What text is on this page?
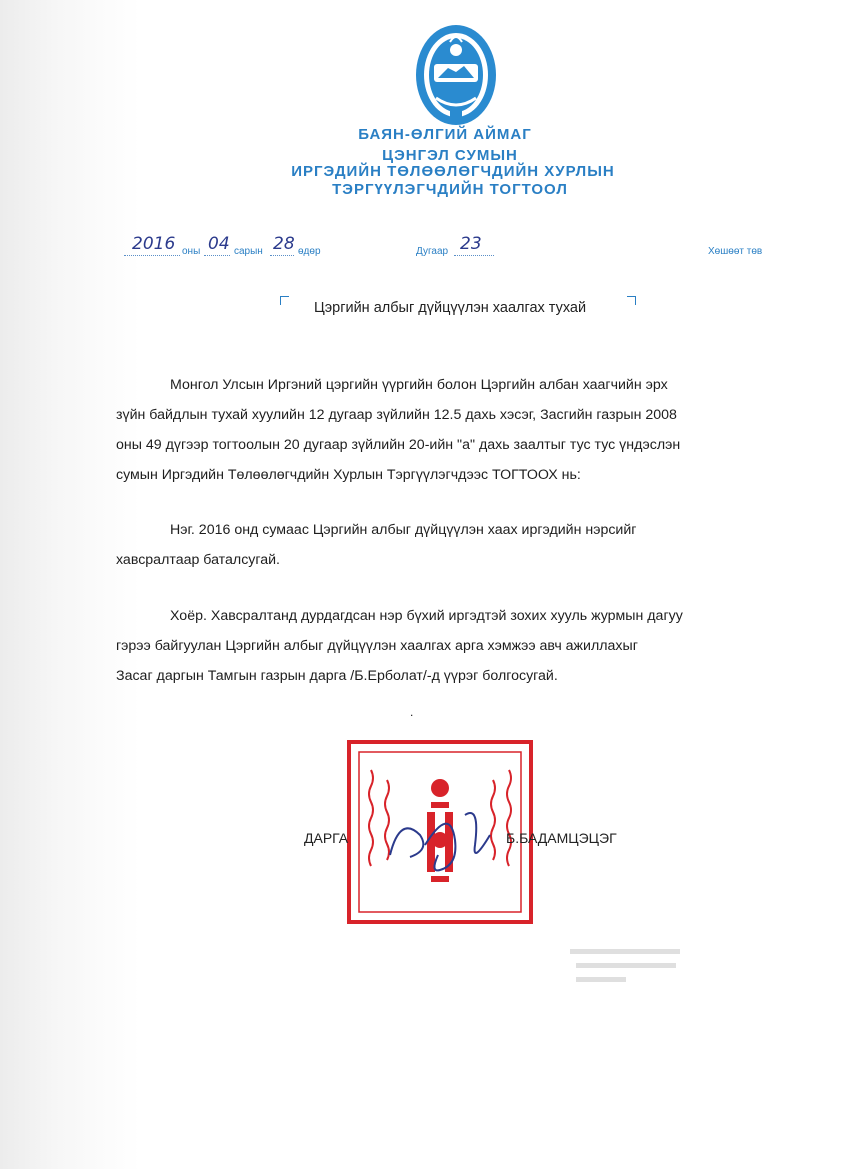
БАЯН-ӨЛГИЙ АЙМАГ
ЦЭНГЭЛ СУМЫН
ИРГЭДИЙН ТӨЛӨӨЛӨГЧДИЙН ХУРЛЫН
ТЭРГҮҮЛЭГЧДИЙН ТОГТООЛ
2016 оны 04 сарын 28 өдөр	Дугаар 23	Хөшөөт төв
Цэргийн албыг дүйцүүлэн хаалгах тухай
Монгол Улсын Иргэний цэргийн үүргийн болон Цэргийн албан хаагчийн эрх
зүйн байдлын тухай хуулийн 12 дугаар зүйлийн 12.5 дахь хэсэг, Засгийн газрын 2008
оны 49 дүгээр тогтоолын 20 дугаар зүйлийн 20-ийн "а" дахь заалтыг тус тус үндэслэн
сумын Иргэдийн Төлөөлөгчдийн Хурлын Тэргүүлэгчдээс ТОГТООХ нь:
Нэг. 2016 онд сумаас Цэргийн албыг дүйцүүлэн хаах иргэдийн нэрсийг
хавсралтаар баталсугай.
Хоёр. Хавсралтанд дурдагдсан нэр бүхий иргэдтэй зохих хууль журмын дагуу
гэрээ байгуулан Цэргийн албыг дүйцүүлэн хаалгах арга хэмжээ авч ажиллахыг
Засаг даргын Тамгын газрын дарга /Б.Ерболат/-д үүрэг болгосугай.
.
ДАРГА	Б.БАДАМЦЭЦЭГ
